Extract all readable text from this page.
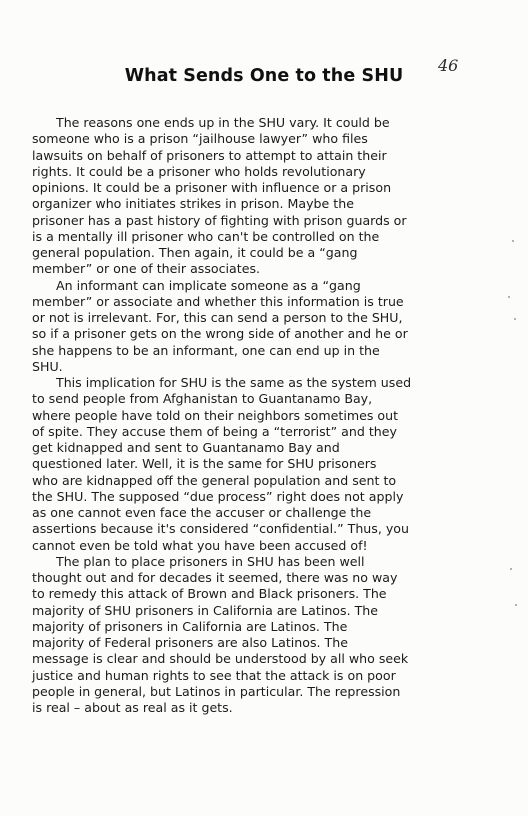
46
What Sends One to the SHU

The reasons one ends up in the SHU vary. It could be
someone who is a prison “jailhouse lawyer” who files
lawsuits on behalf of prisoners to attempt to attain their
rights. It could be a prisoner who holds revolutionary
opinions. It could be a prisoner with influence or a prison
organizer who initiates strikes in prison. Maybe the
prisoner has a past history of fighting with prison guards or
is a mentally ill prisoner who can't be controlled on the
general population. Then again, it could be a “gang
member” or one of their associates.

An informant can implicate someone as a “gang
member” or associate and whether this information is true
or not is irrelevant. For, this can send a person to the SHU,
so if a prisoner gets on the wrong side of another and he or
she happens to be an informant, one can end up in the
SHU.

This implication for SHU is the same as the system used
to send people from Afghanistan to Guantanamo Bay,
where people have told on their neighbors sometimes out
of spite. They accuse them of being a “terrorist” and they
get kidnapped and sent to Guantanamo Bay and
questioned later. Well, it is the same for SHU prisoners
who are kidnapped off the general population and sent to
the SHU. The supposed “due process” right does not apply
as one cannot even face the accuser or challenge the
assertions because it's considered “confidential.” Thus, you
cannot even be told what you have been accused of!

The plan to place prisoners in SHU has been well
thought out and for decades it seemed, there was no way
to remedy this attack of Brown and Black prisoners. The
majority of SHU prisoners in California are Latinos. The
majority of prisoners in California are Latinos. The
majority of Federal prisoners are also Latinos. The
message is clear and should be understood by all who seek
justice and human rights to see that the attack is on poor
people in general, but Latinos in particular. The repression
is real – about as real as it gets.
